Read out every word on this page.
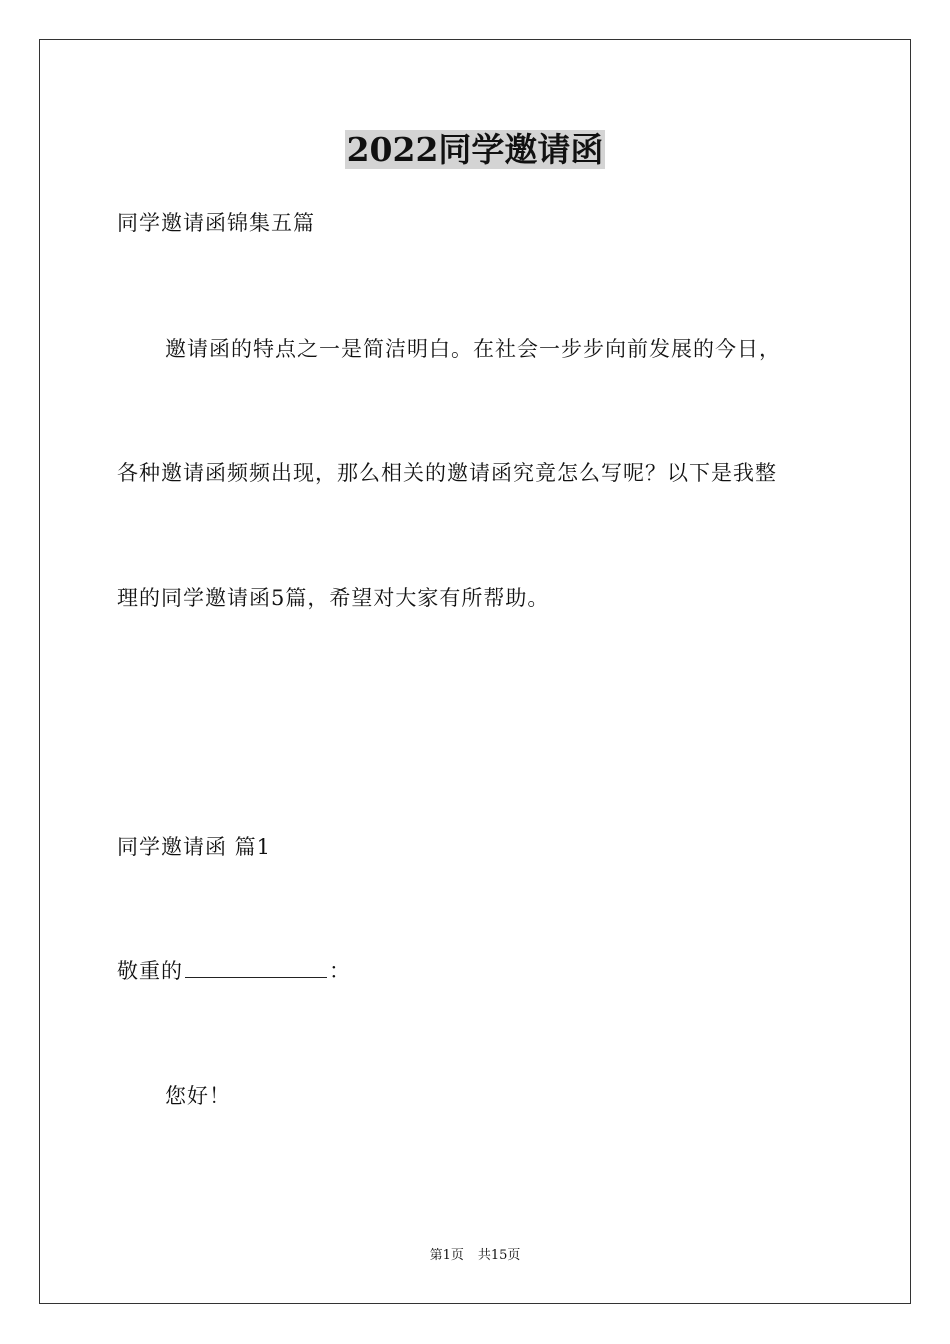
2022同学邀请函
同学邀请函锦集五篇
邀请函的特点之一是简洁明白。在社会一步步向前发展的今日，
各种邀请函频频出现，那么相关的邀请函究竟怎么写呢？以下是我整
理的同学邀请函5篇，希望对大家有所帮助。
同学邀请函 篇1
敬重的	：
您好！
第1页 共15页
